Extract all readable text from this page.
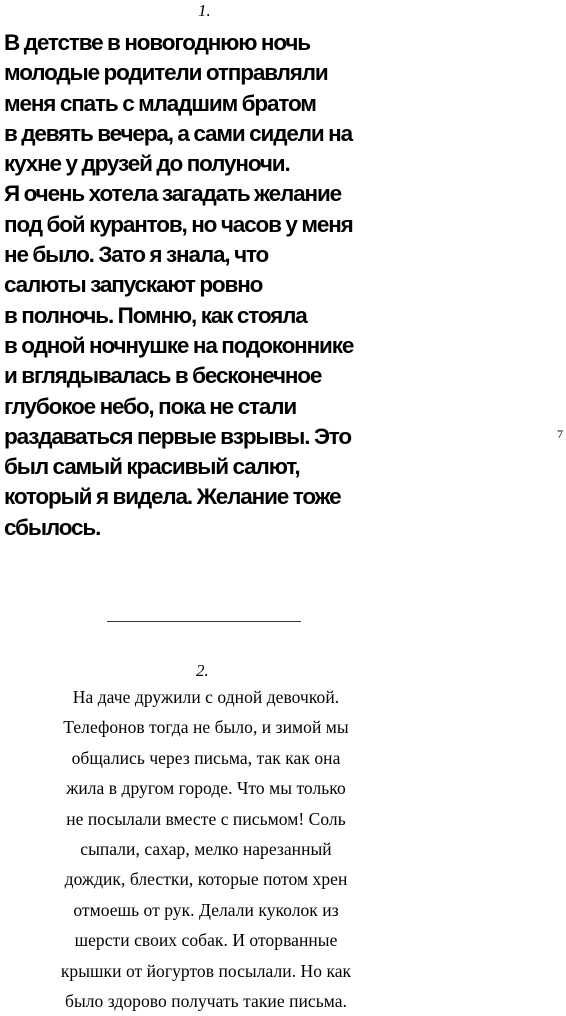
1.

В детстве в новогоднюю ночь
молодые родители отправляли
меня спать с младшим братом
в девять вечера, а сами сидели на
кухне у друзей до полуночи.
Я очень хотела загадать желание
под бой курантов, но часов у меня
не было. Зато я знала, что
салюты запускают ровно
в полночь. Помню, как стояла
в одной ночнушке на подоконнике
и вглядывалась в бесконечное
глубокое небо, пока не стали
раздаваться первые взрывы. Это
был самый красивый салют,
который я видела. Желание тоже
сбылось.

7
2.

На даче дружили с одной девочкой.
Телефонов тогда не было, и зимой мы
общались через письма, так как она
жила в другом городе. Что мы только
не посылали вместе с письмом! Соль
сыпали, сахар, мелко нарезанный
дождик, блестки, которые потом хрен
отмоешь от рук. Делали куколок из
шерсти своих собак. И оторванные
крышки от йогуртов посылали. Но как
было здорово получать такие письма.
